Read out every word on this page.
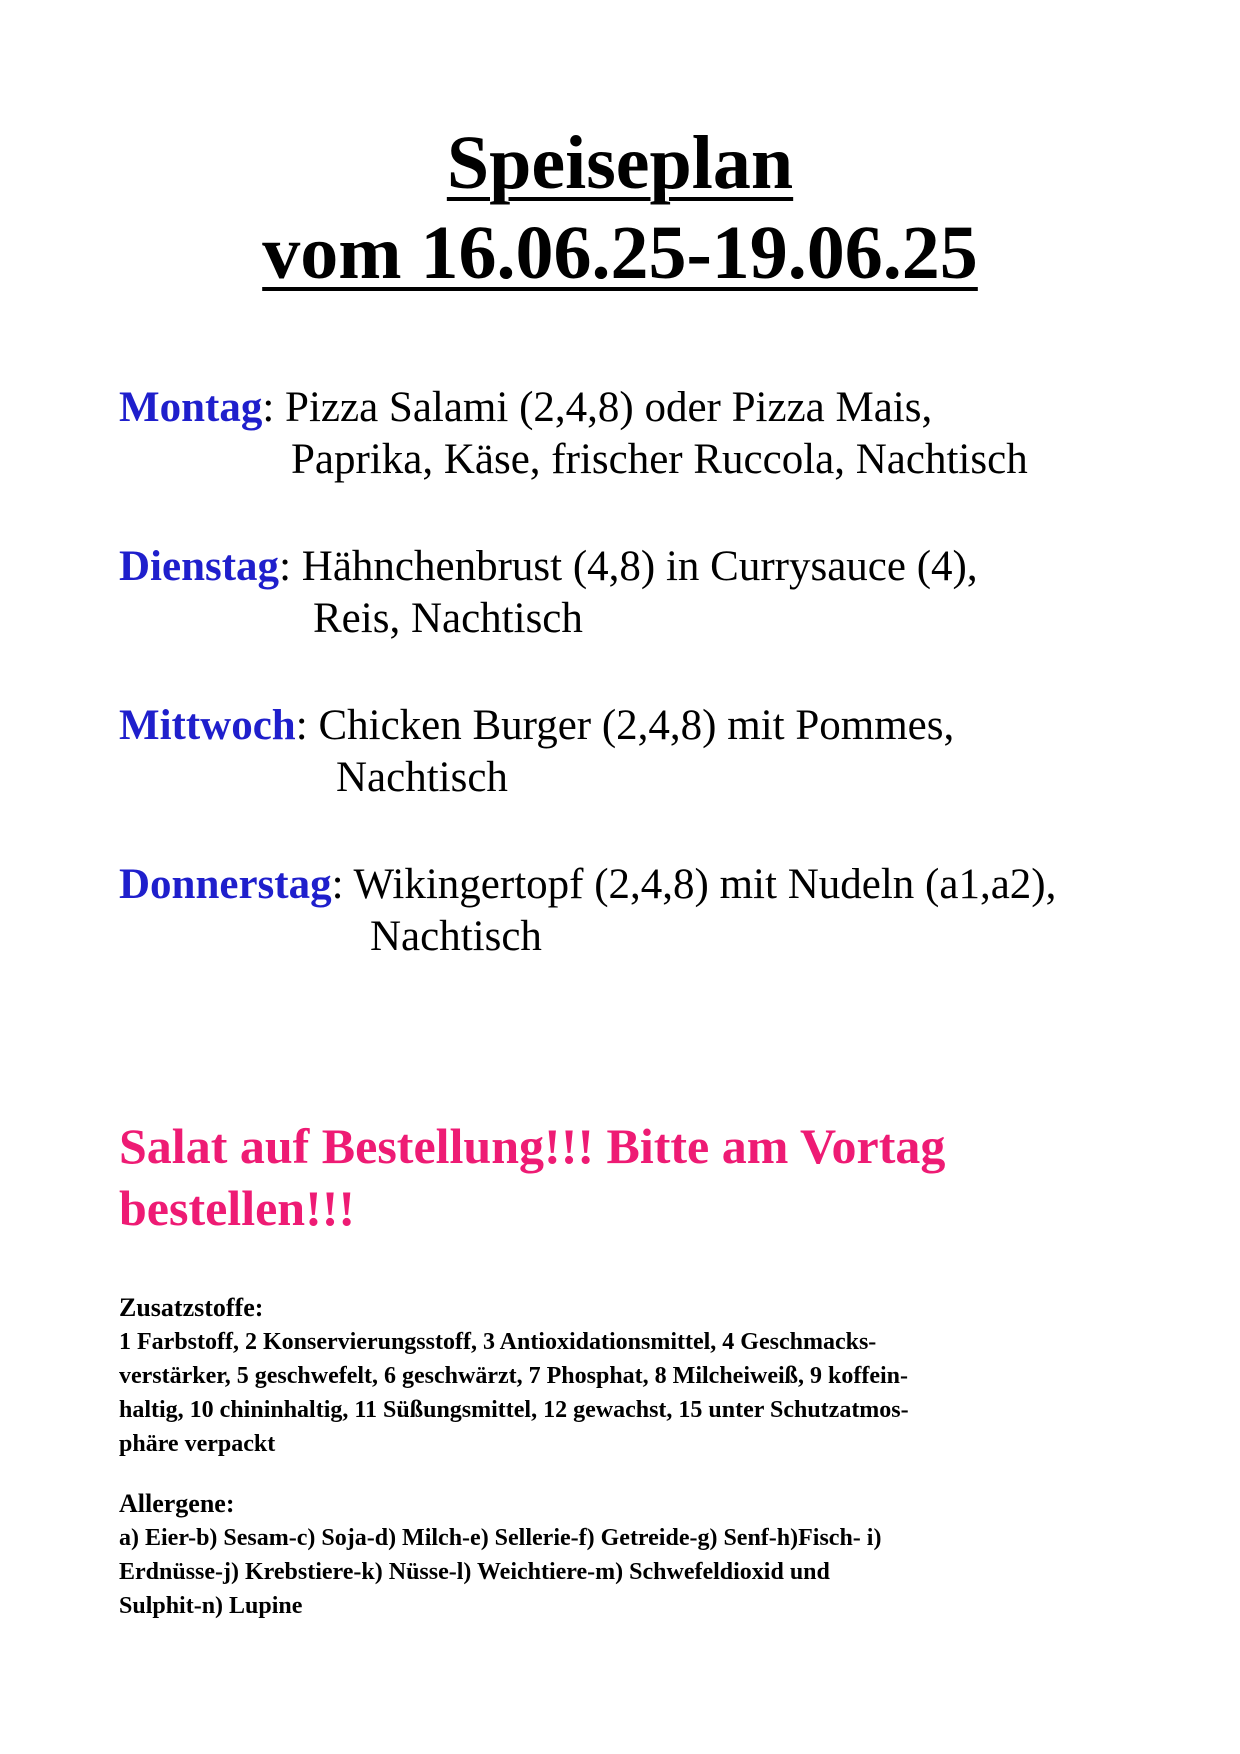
Speiseplan
vom 16.06.25-19.06.25
Montag: Pizza Salami (2,4,8) oder Pizza Mais,
Paprika, Käse, frischer Ruccola, Nachtisch
Dienstag: Hähnchenbrust (4,8) in Currysauce (4),
Reis, Nachtisch
Mittwoch: Chicken Burger (2,4,8) mit Pommes,
Nachtisch
Donnerstag: Wikingertopf (2,4,8) mit Nudeln (a1,a2),
Nachtisch
Salat auf Bestellung!!! Bitte am Vortag
bestellen!!!
Zusatzstoffe:
1 Farbstoff, 2 Konservierungsstoff, 3 Antioxidationsmittel, 4 Geschmacks-
verstärker, 5 geschwefelt, 6 geschwärzt, 7 Phosphat, 8 Milcheiweiß, 9 koffein-
haltig, 10 chininhaltig, 11 Süßungsmittel, 12 gewachst, 15 unter Schutzatmos-
phäre verpackt
Allergene:
a) Eier-b) Sesam-c) Soja-d) Milch-e) Sellerie-f) Getreide-g) Senf-h)Fisch- i)
Erdnüsse-j) Krebstiere-k) Nüsse-l) Weichtiere-m) Schwefeldioxid und
Sulphit-n) Lupine
